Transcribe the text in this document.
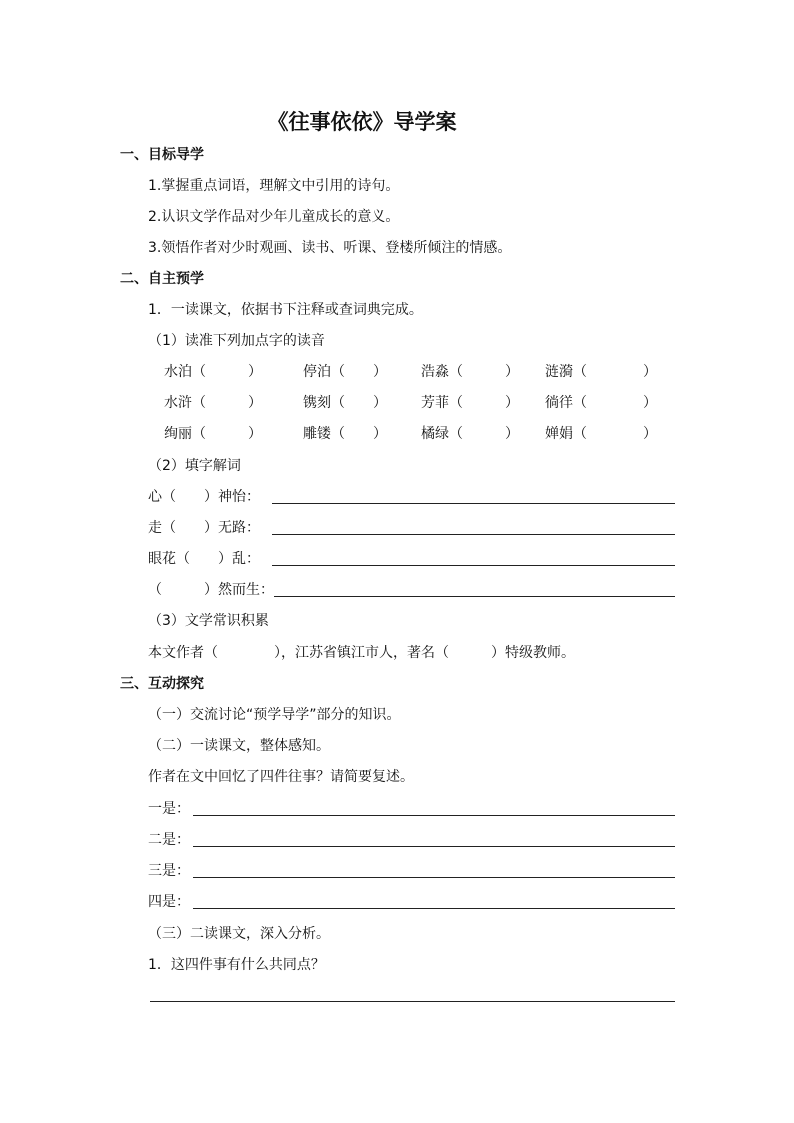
《往事依依》导学案
一、目标导学
1.掌握重点词语，理解文中引用的诗句。
2.认识文学作品对少年儿童成长的意义。
3.领悟作者对少时观画、读书、听课、登楼所倾注的情感。
二、自主预学
1．一读课文，依据书下注释或查词典完成。
（1）读准下列加点字的读音
水泊（　　　）	停泊（　　） 浩淼（　　　） 涟漪（　　　　）
水浒（　　　）	镌刻（　　） 芳菲（　　　） 徜徉（　　　　）
绚丽（　　　）	雕镂（　　） 橘绿（　　　） 婵娟（　　　　）
（2）填字解词
心（　　）神怡：
走（　　）无路：
眼花（　　）乱：
（　　　）然而生：
（3）文学常识积累
本文作者（　　　　），江苏省镇江市人，著名（　　　）特级教师。
三、互动探究
（一）交流讨论“预学导学”部分的知识。
（二）一读课文，整体感知。
作者在文中回忆了四件往事？请简要复述。
一是：
二是：
三是：
四是：
（三）二读课文，深入分析。
1．这四件事有什么共同点？
